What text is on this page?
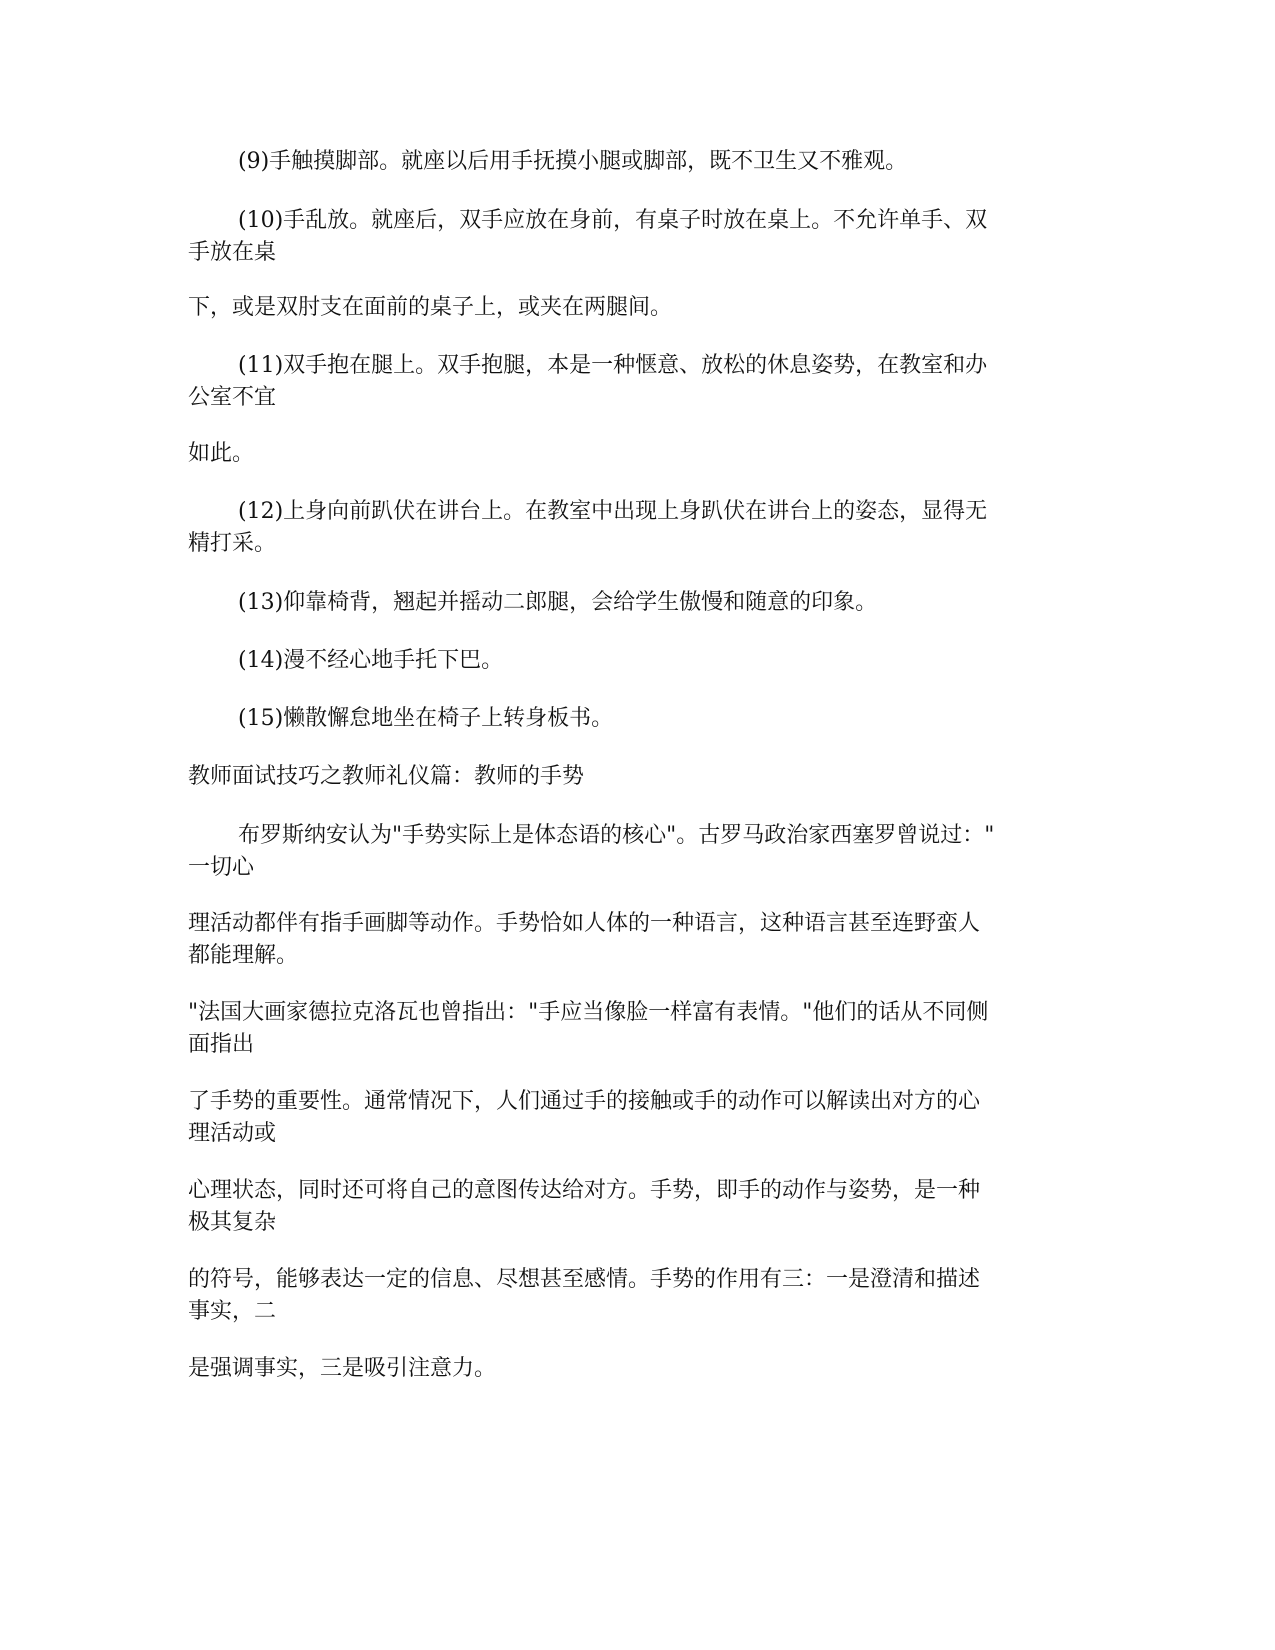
(9)手触摸脚部。就座以后用手抚摸小腿或脚部，既不卫生又不雅观。
(10)手乱放。就座后，双手应放在身前，有桌子时放在桌上。不允许单手、双
手放在桌
下，或是双肘支在面前的桌子上，或夹在两腿间。
(11)双手抱在腿上。双手抱腿，本是一种惬意、放松的休息姿势，在教室和办
公室不宜
如此。
(12)上身向前趴伏在讲台上。在教室中出现上身趴伏在讲台上的姿态，显得无
精打采。
(13)仰靠椅背，翘起并摇动二郎腿，会给学生傲慢和随意的印象。
(14)漫不经心地手托下巴。
(15)懒散懈怠地坐在椅子上转身板书。
教师面试技巧之教师礼仪篇：教师的手势
布罗斯纳安认为"手势实际上是体态语的核心"。古罗马政治家西塞罗曾说过："
一切心
理活动都伴有指手画脚等动作。手势恰如人体的一种语言，这种语言甚至连野蛮人
都能理解。
"法国大画家德拉克洛瓦也曾指出："手应当像脸一样富有表情。"他们的话从不同侧
面指出
了手势的重要性。通常情况下，人们通过手的接触或手的动作可以解读出对方的心
理活动或
心理状态，同时还可将自己的意图传达给对方。手势，即手的动作与姿势，是一种
极其复杂
的符号，能够表达一定的信息、尽想甚至感情。手势的作用有三：一是澄清和描述
事实，二
是强调事实，三是吸引注意力。
